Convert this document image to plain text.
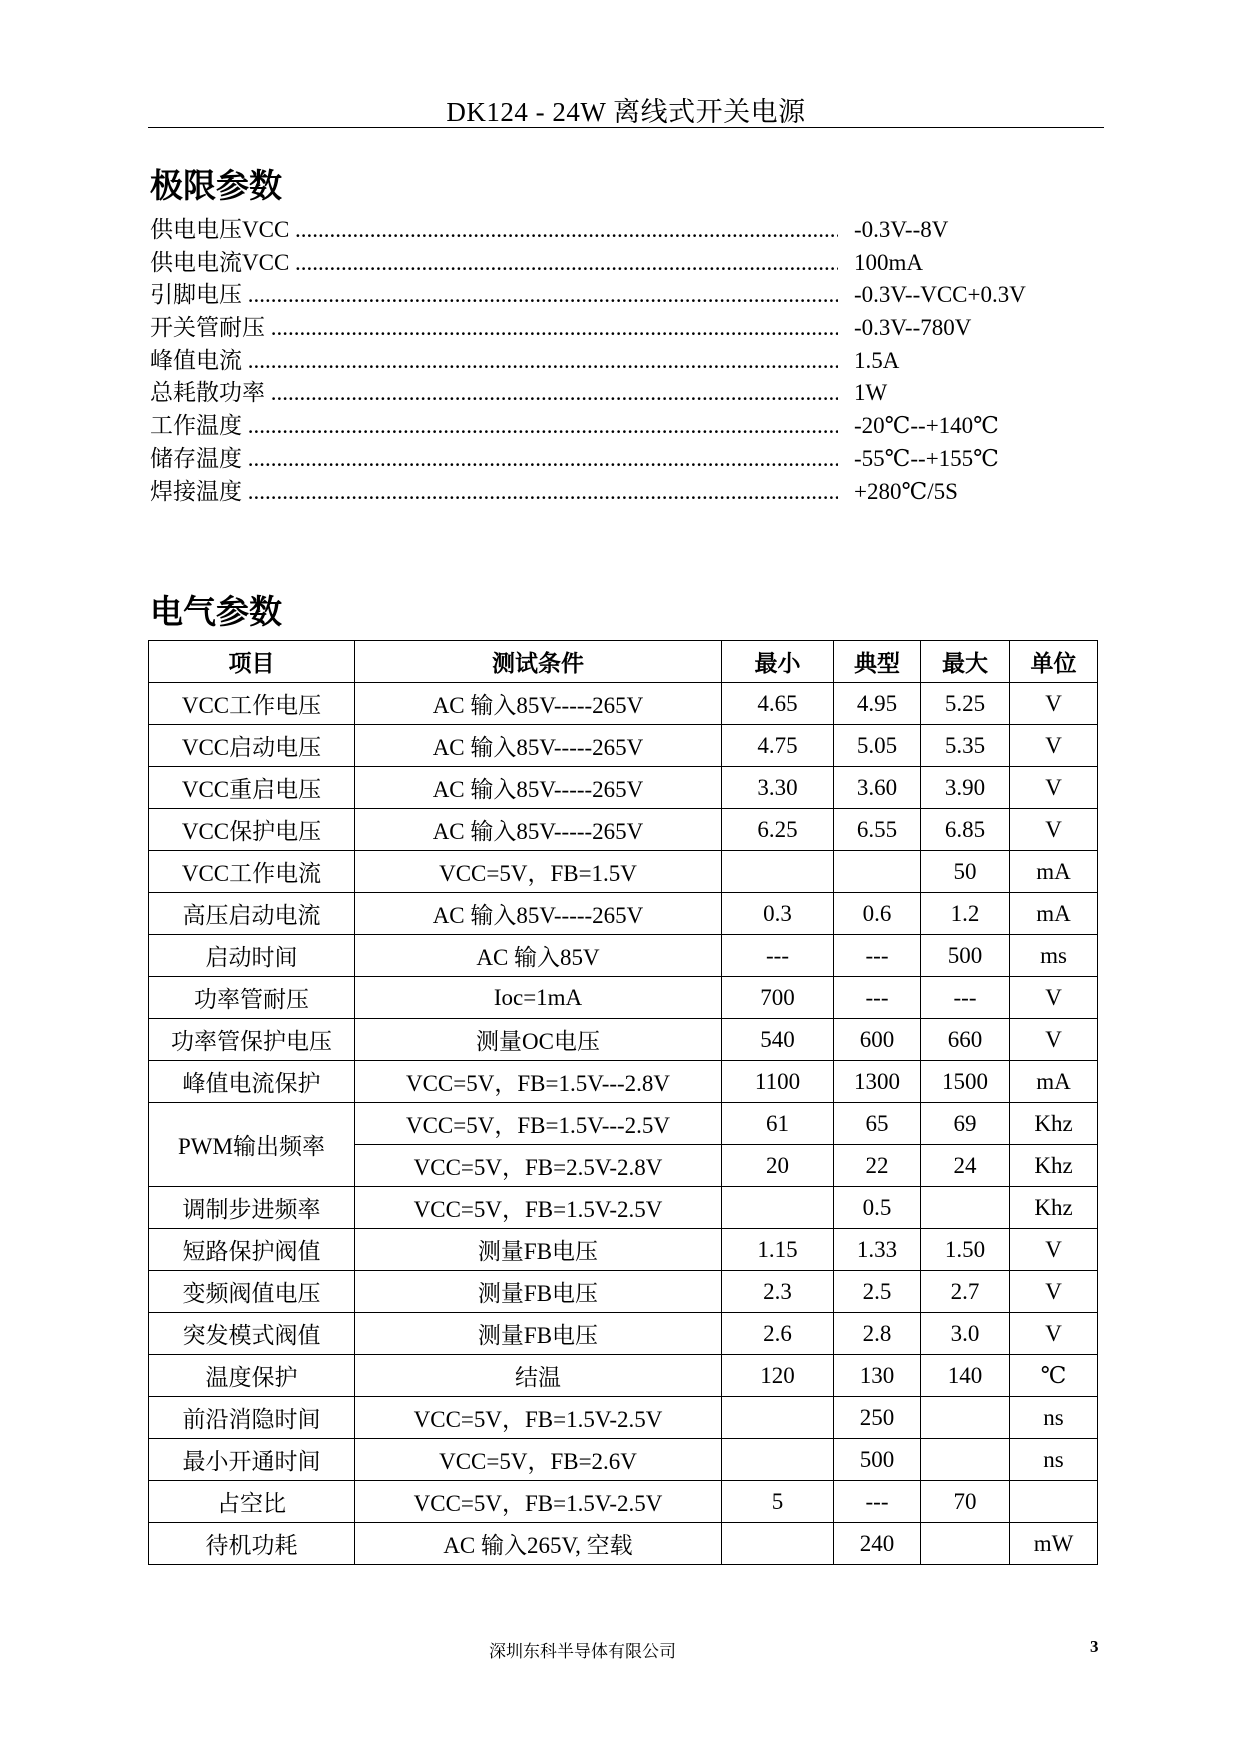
DK124 - 24W 离线式开关电源
极限参数
供电电压VCC .....	-0.3V--8V
供电电流VCC .....	100mA
引脚电压 .....	-0.3V--VCC+0.3V
开关管耐压 .....	-0.3V--780V
峰值电流 .....	1.5A
总耗散功率 .....	1W
工作温度 .....	-20℃--+140℃
储存温度 .....	-55℃--+155℃
焊接温度 .....	+280℃/5S
电气参数
项目	测试条件	最小	典型	最大	单位
VCC工作电压	AC 输入85V-----265V	4.65	4.95	5.25	V
VCC启动电压	AC 输入85V-----265V	4.75	5.05	5.35	V
VCC重启电压	AC 输入85V-----265V	3.30	3.60	3.90	V
VCC保护电压	AC 输入85V-----265V	6.25	6.55	6.85	V
VCC工作电流	VCC=5V，FB=1.5V			50	mA
高压启动电流	AC 输入85V-----265V	0.3	0.6	1.2	mA
启动时间	AC 输入85V	---	---	500	ms
功率管耐压	Ioc=1mA	700	---	---	V
功率管保护电压	测量OC电压	540	600	660	V
峰值电流保护	VCC=5V，FB=1.5V---2.8V	1100	1300	1500	mA
PWM输出频率	VCC=5V，FB=1.5V---2.5V	61	65	69	Khz
	VCC=5V，FB=2.5V-2.8V	20	22	24	Khz
调制步进频率	VCC=5V，FB=1.5V-2.5V		0.5		Khz
短路保护阀值	测量FB电压	1.15	1.33	1.50	V
变频阀值电压	测量FB电压	2.3	2.5	2.7	V
突发模式阀值	测量FB电压	2.6	2.8	3.0	V
温度保护	结温	120	130	140	℃
前沿消隐时间	VCC=5V，FB=1.5V-2.5V		250		ns
最小开通时间	VCC=5V，FB=2.6V		500		ns
占空比	VCC=5V，FB=1.5V-2.5V	5	---	70	
待机功耗	AC 输入265V, 空载		240		mW
深圳东科半导体有限公司	3
